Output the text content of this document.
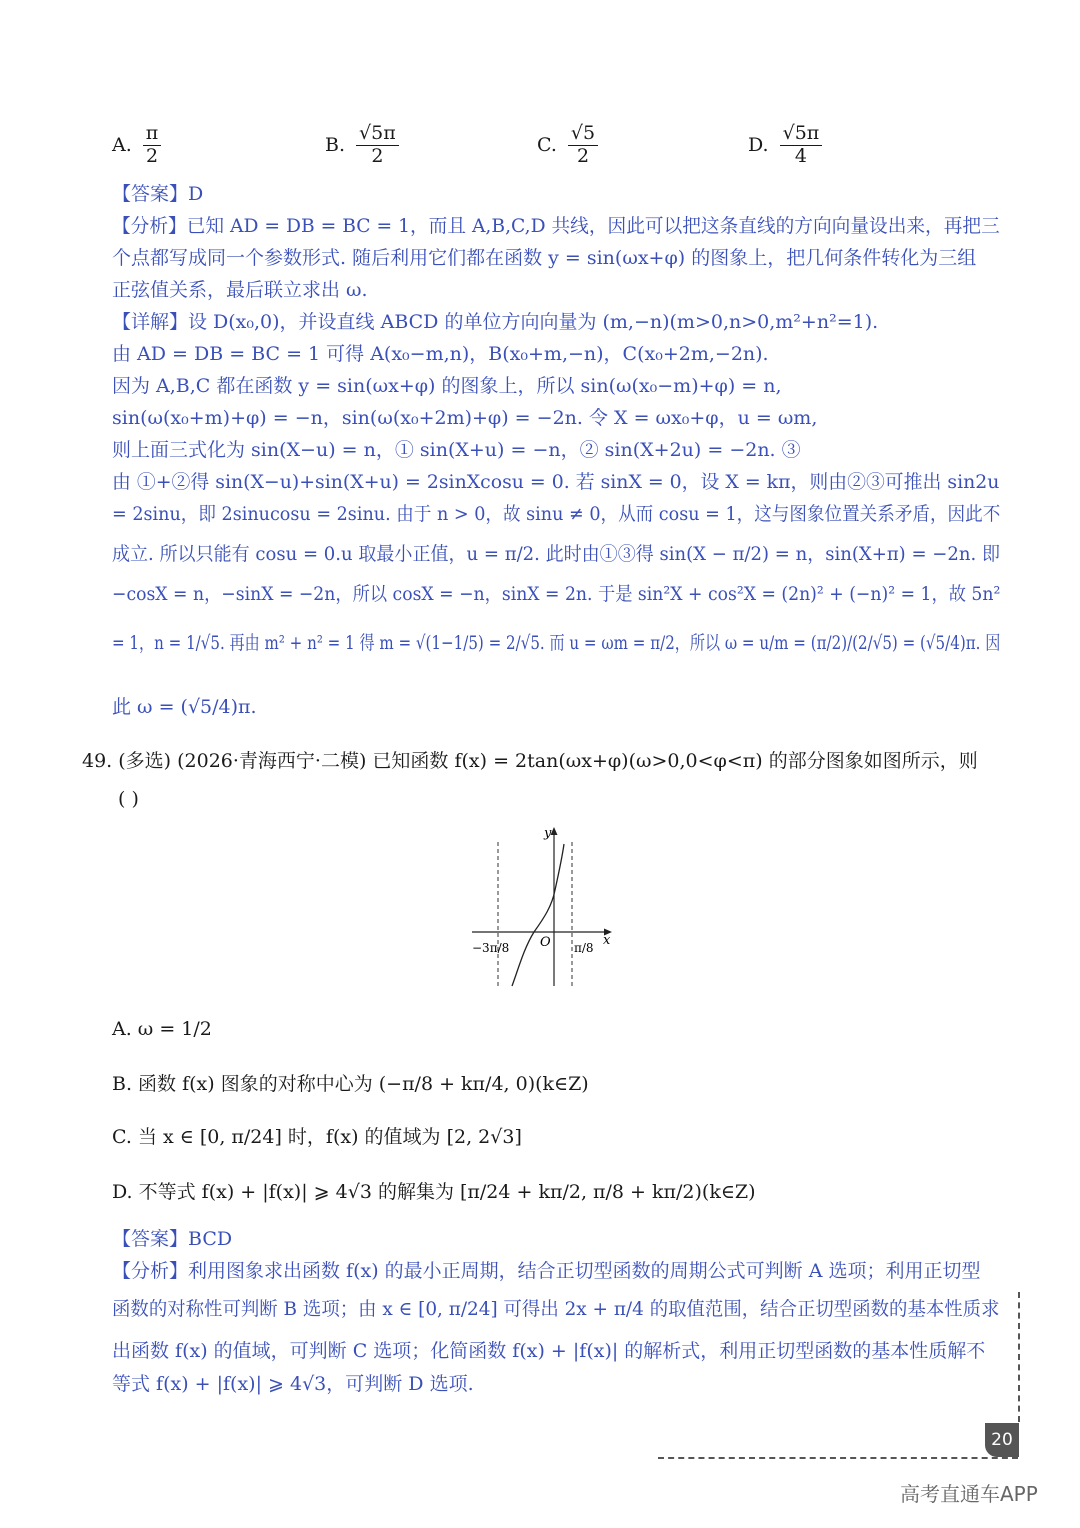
A. $\frac{\pi}{2}$	B. $\frac{√5\pi}{2}$	C. $\frac{√5}{2}$	D. $\frac{√5\pi}{4}$
【答案】D
【分析】已知 AD = DB = BC = 1，而且 A,B,C,D 共线，因此可以把这条直线的方向向量设出来，再把三
个点都写成同一个参数形式. 随后利用它们都在函数 y = sin(ωx+φ) 的图象上，把几何条件转化为三组
正弦值关系，最后联立求出 ω.
【详解】设 D(x₀,0)，并设直线 ABCD 的单位方向向量为 (m,−n)(m>0,n>0,m²+n²=1).
由 AD = DB = BC = 1 可得 A(x₀−m,n)，B(x₀+m,−n)，C(x₀+2m,−2n).
因为 A,B,C 都在函数 y = sin(ωx+φ) 的图象上，所以 sin(ω(x₀−m)+φ) = n,
sin(ω(x₀+m)+φ) = −n，sin(ω(x₀+2m)+φ) = −2n. 令 X = ωx₀+φ，u = ωm,
则上面三式化为 sin(X−u) = n，① sin(X+u) = −n，② sin(X+2u) = −2n. ③
由 ①+②得 sin(X−u)+sin(X+u) = 2sinXcosu = 0. 若 sinX = 0，设 X = kπ，则由②③可推出 sin2u
= 2sinu，即 2sinucosu = 2sinu. 由于 n > 0，故 sinu ≠ 0，从而 cosu = 1，这与图象位置关系矛盾，因此不
成立. 所以只能有 cosu = 0.u 取最小正值，u = π/2. 此时由①③得 sin(X − π/2) = n，sin(X+π) = −2n. 即
−cosX = n，−sinX = −2n，所以 cosX = −n，sinX = 2n. 于是 sin²X + cos²X = (2n)² + (−n)² = 1，故 5n²
= 1，n = 1/√5. 再由 m² + n² = 1 得 m = √(1−1/5) = 2/√5. 而 u = ωm = π/2，所以 ω = u/m = (π/2)/(2/√5) = (√5/4)π. 因
此 ω = (√5/4)π.
49. (多选) (2026·青海西宁·二模) 已知函数 f(x) = 2tan(ωx+φ)(ω>0,0<φ<π) 的部分图象如图所示，则
( )
y
x
O
−3π/8	π/8
A. ω = 1/2
B. 函数 f(x) 图象的对称中心为 (−π/8 + kπ/4, 0)(k∈Z)
C. 当 x ∈ [0, π/24] 时，f(x) 的值域为 [2, 2√3]
D. 不等式 f(x) + |f(x)| ⩾ 4√3 的解集为 [π/24 + kπ/2, π/8 + kπ/2)(k∈Z)
【答案】BCD
【分析】利用图象求出函数 f(x) 的最小正周期，结合正切型函数的周期公式可判断 A 选项；利用正切型
函数的对称性可判断 B 选项；由 x ∈ [0, π/24] 可得出 2x + π/4 的取值范围，结合正切型函数的基本性质求
出函数 f(x) 的值域，可判断 C 选项；化简函数 f(x) + |f(x)| 的解析式，利用正切型函数的基本性质解不
等式 f(x) + |f(x)| ⩾ 4√3，可判断 D 选项.
20
高考直通车APP
